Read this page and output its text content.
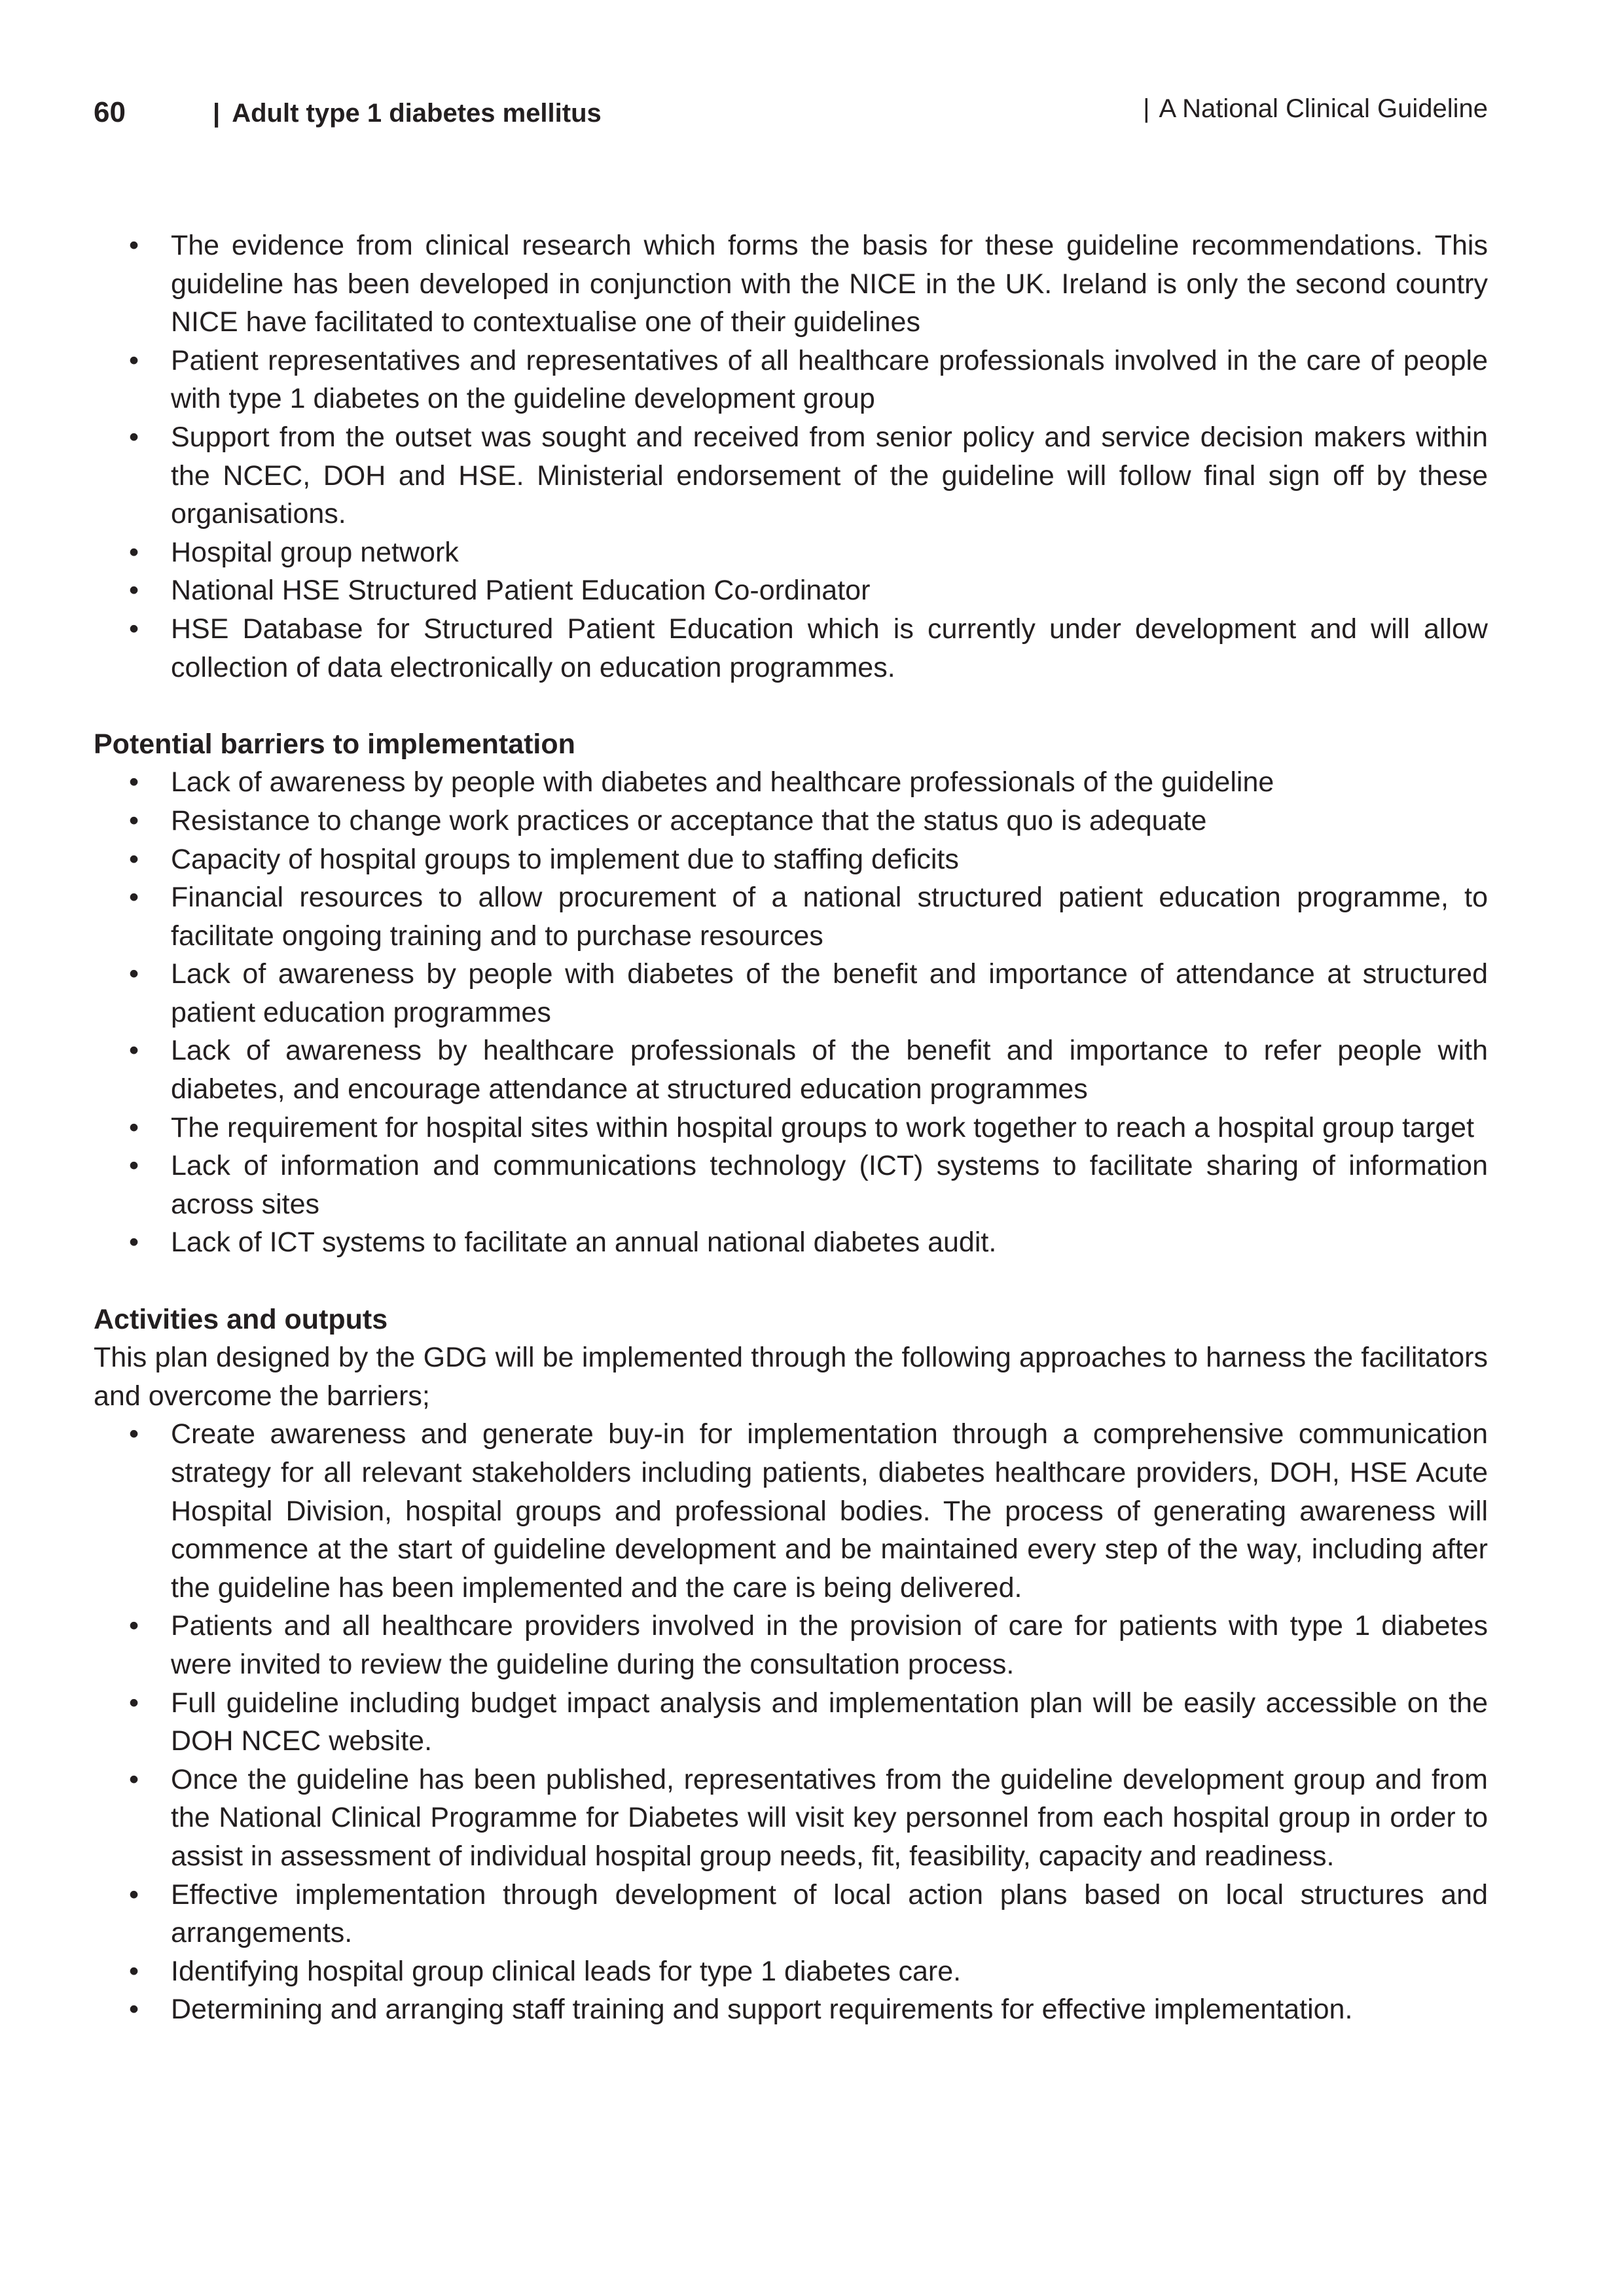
60	| Adult type 1 diabetes mellitus	| A National Clinical Guideline
• The evidence from clinical research which forms the basis for these guideline recommendations. This guideline has been developed in conjunction with the NICE in the UK. Ireland is only the second country NICE have facilitated to contextualise one of their guidelines
• Patient representatives and representatives of all healthcare professionals involved in the care of people with type 1 diabetes on the guideline development group
• Support from the outset was sought and received from senior policy and service decision makers within the NCEC, DOH and HSE. Ministerial endorsement of the guideline will follow final sign off by these organisations.
• Hospital group network
• National HSE Structured Patient Education Co-ordinator
• HSE Database for Structured Patient Education which is currently under development and will allow collection of data electronically on education programmes.
Potential barriers to implementation
• Lack of awareness by people with diabetes and healthcare professionals of the guideline
• Resistance to change work practices or acceptance that the status quo is adequate
• Capacity of hospital groups to implement due to staffing deficits
• Financial resources to allow procurement of a national structured patient education programme, to facilitate ongoing training and to purchase resources
• Lack of awareness by people with diabetes of the benefit and importance of attendance at structured patient education programmes
• Lack of awareness by healthcare professionals of the benefit and importance to refer people with diabetes, and encourage attendance at structured education programmes
• The requirement for hospital sites within hospital groups to work together to reach a hospital group target
• Lack of information and communications technology (ICT) systems to facilitate sharing of information across sites
• Lack of ICT systems to facilitate an annual national diabetes audit.
Activities and outputs

This plan designed by the GDG will be implemented through the following approaches to harness the facilitators and overcome the barriers;

• Create awareness and generate buy-in for implementation through a comprehensive communication strategy for all relevant stakeholders including patients, diabetes healthcare providers, DOH, HSE Acute Hospital Division, hospital groups and professional bodies. The process of generating awareness will commence at the start of guideline development and be maintained every step of the way, including after the guideline has been implemented and the care is being delivered.
• Patients and all healthcare providers involved in the provision of care for patients with type 1 diabetes were invited to review the guideline during the consultation process.
• Full guideline including budget impact analysis and implementation plan will be easily accessible on the DOH NCEC website.
• Once the guideline has been published, representatives from the guideline development group and from the National Clinical Programme for Diabetes will visit key personnel from each hospital group in order to assist in assessment of individual hospital group needs, fit, feasibility, capacity and readiness.
• Effective implementation through development of local action plans based on local structures and arrangements.
• Identifying hospital group clinical leads for type 1 diabetes care.
• Determining and arranging staff training and support requirements for effective implementation.
